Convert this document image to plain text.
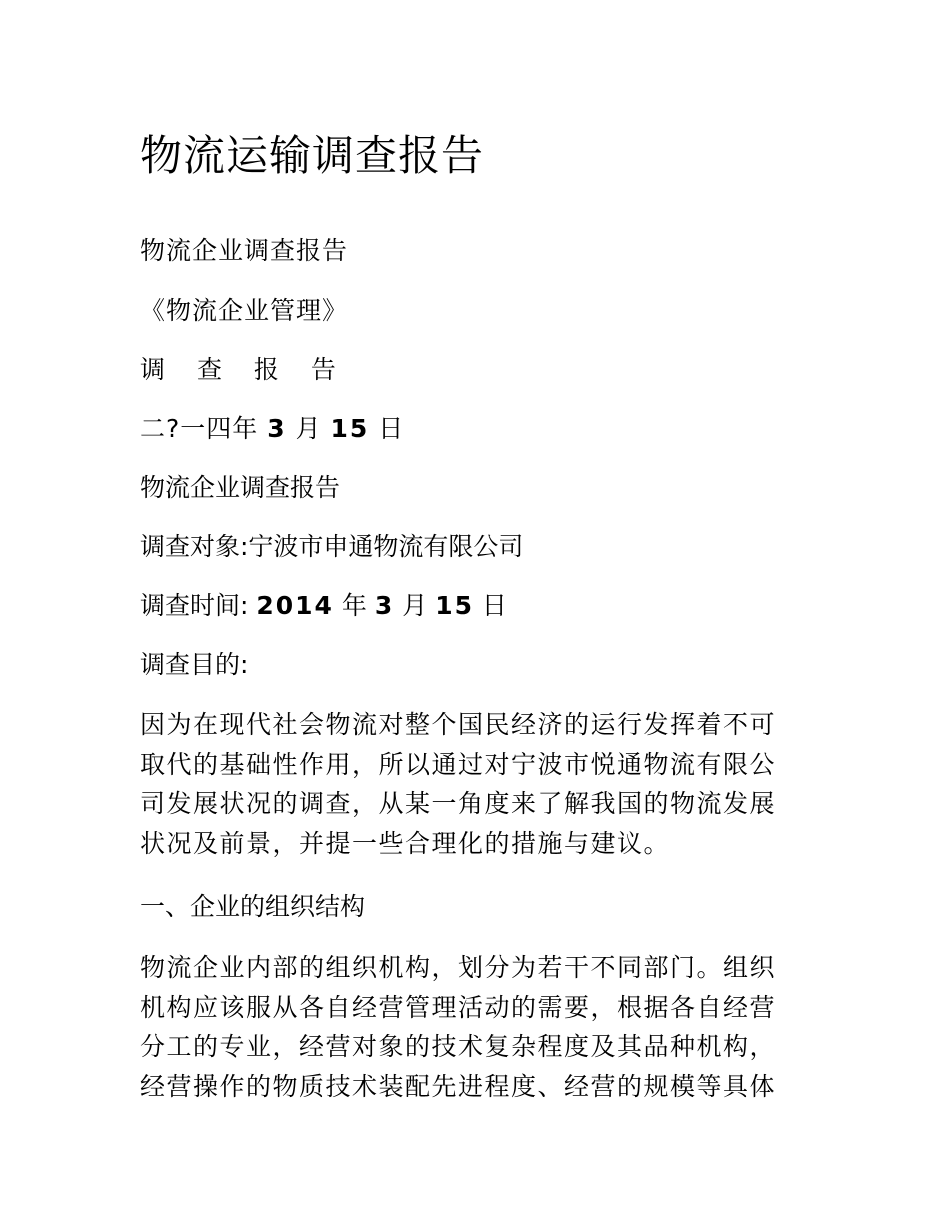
物流运输调查报告
物流企业调查报告
《物流企业管理》
调 查 报 告
二?一四年 3 月 15 日
物流企业调查报告
调查对象:宁波市申通物流有限公司
调查时间: 2014 年 3 月 15 日
调查目的:
因为在现代社会物流对整个国民经济的运行发挥着不可
取代的基础性作用，所以通过对宁波市悦通物流有限公
司发展状况的调查，从某一角度来了解我国的物流发展
状况及前景，并提一些合理化的措施与建议。
一、企业的组织结构
物流企业内部的组织机构，划分为若干不同部门。组织
机构应该服从各自经营管理活动的需要，根据各自经营
分工的专业，经营对象的技术复杂程度及其品种机构，
经营操作的物质技术装配先进程度、经营的规模等具体
